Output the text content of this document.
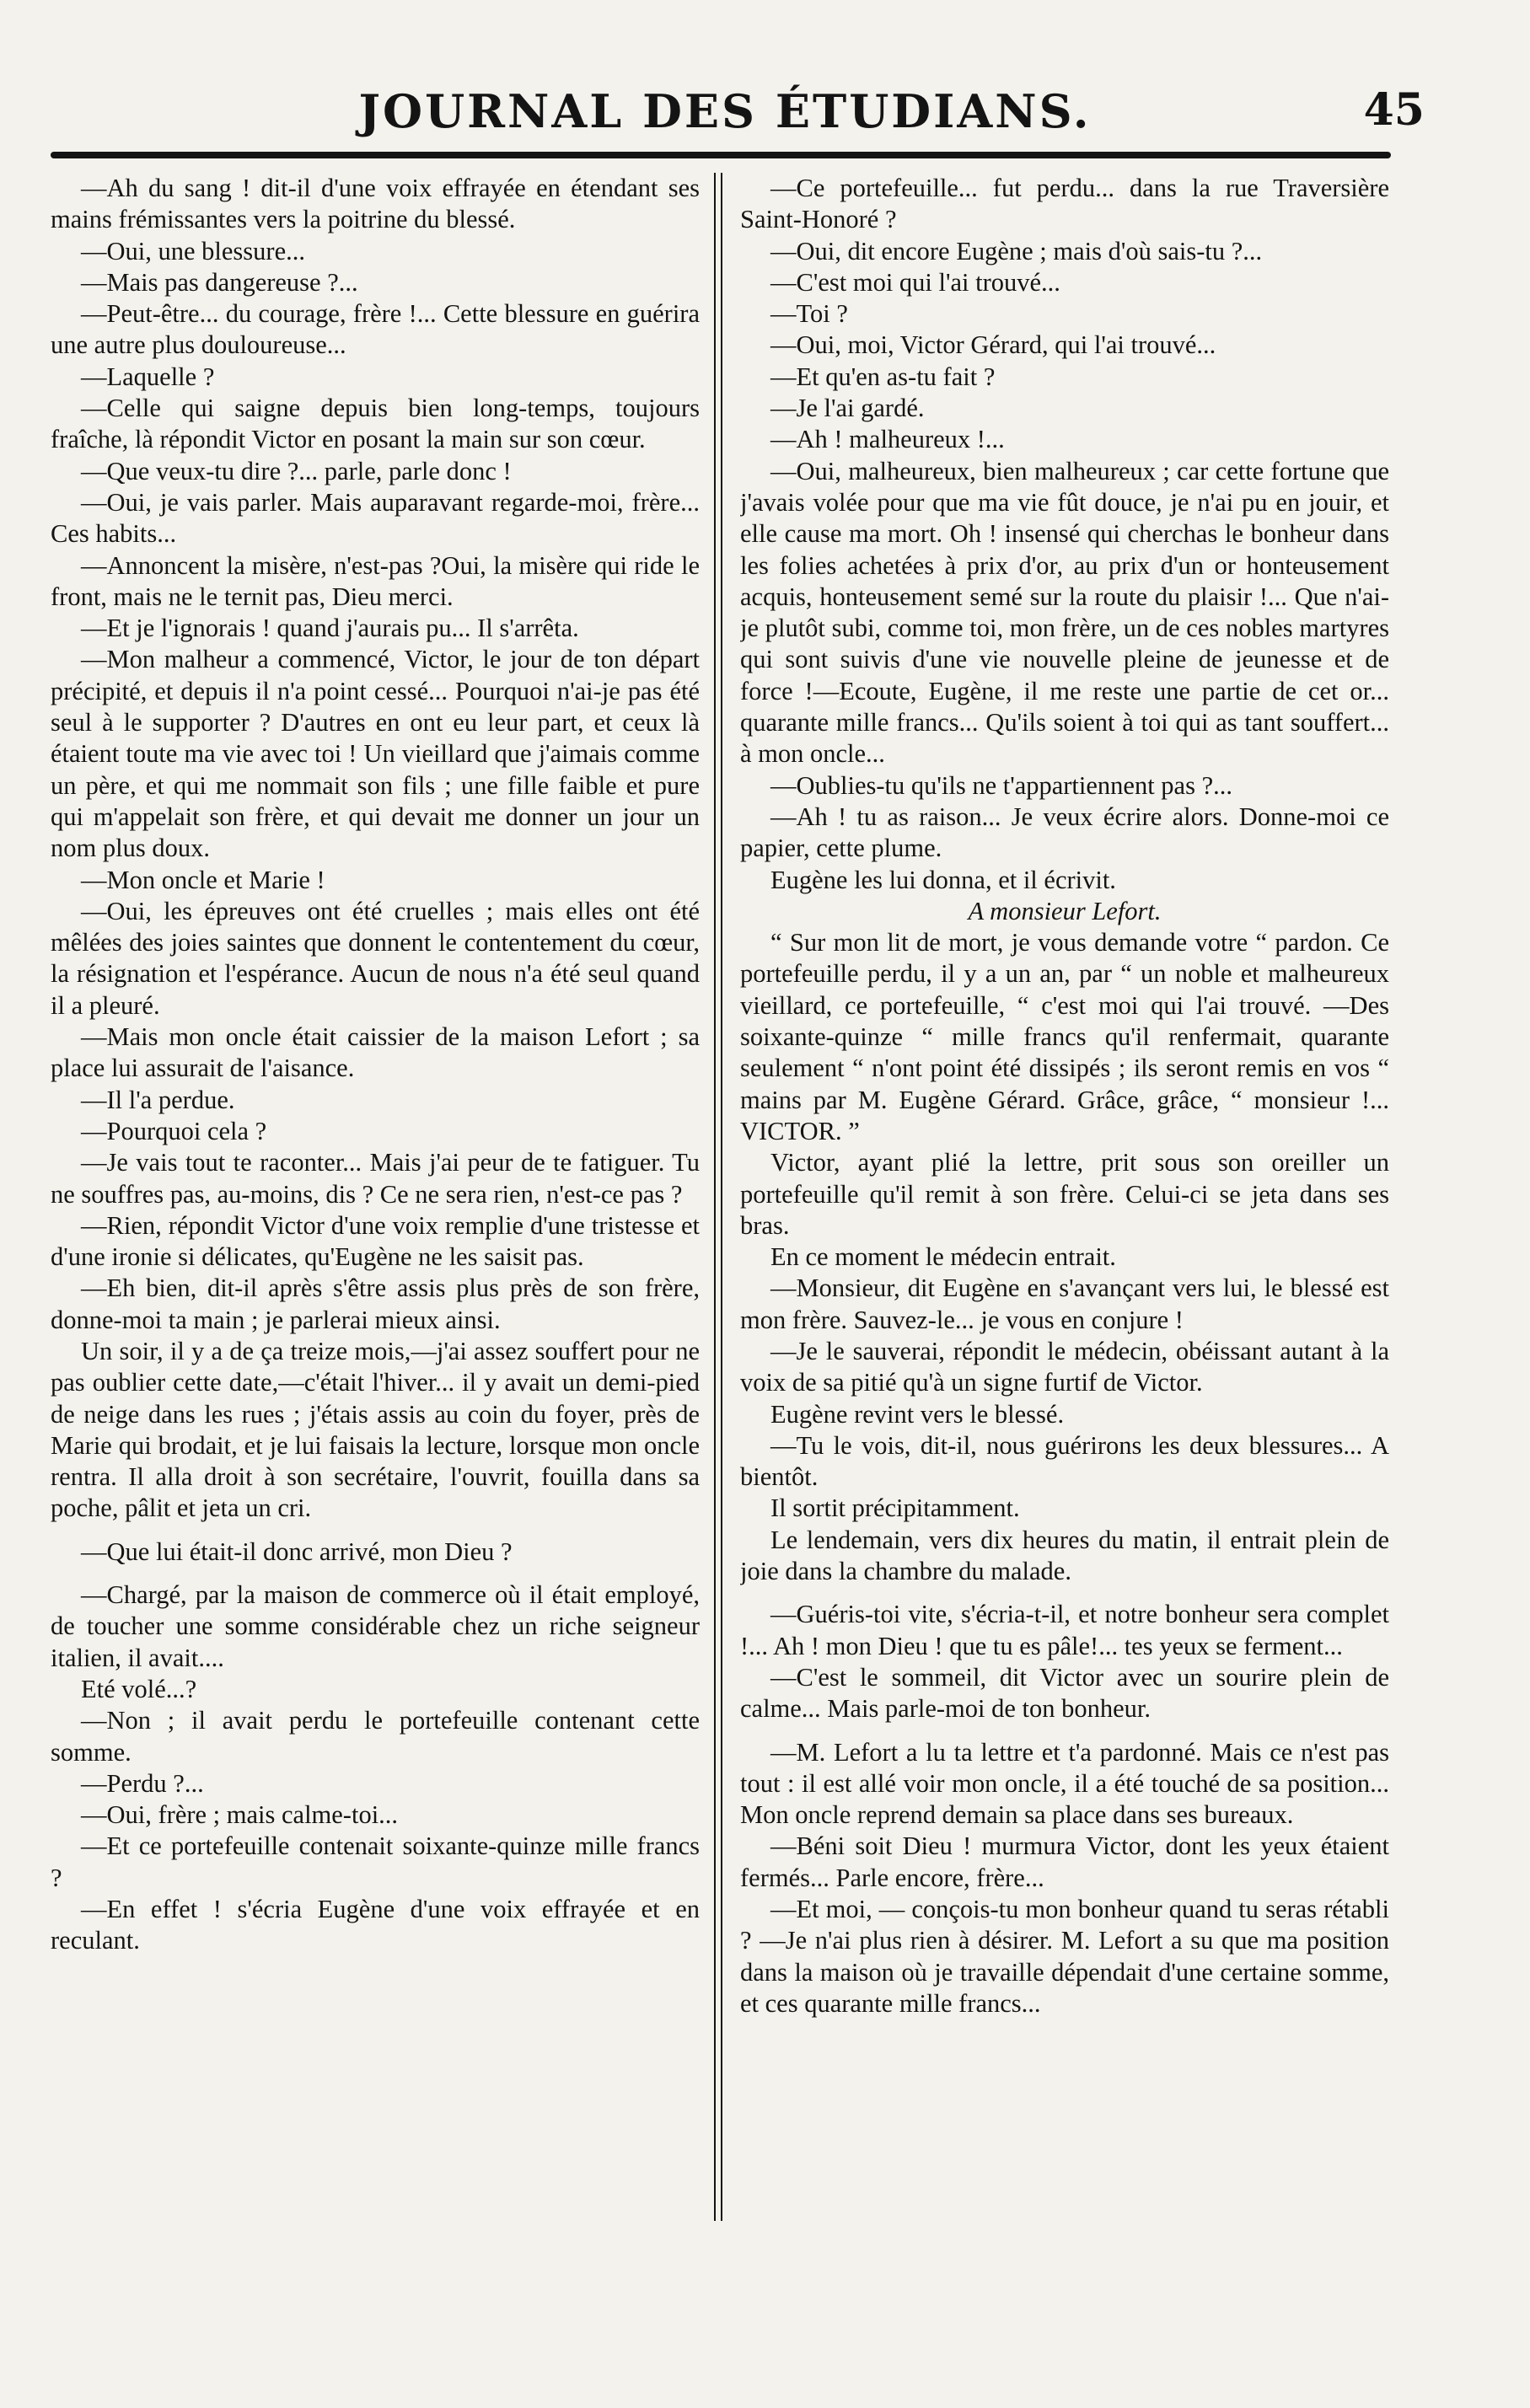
JOURNAL DES ÉTUDIANS.	45

—Ah du sang ! dit-il d'une voix effrayée en étendant ses mains frémissantes vers la poitrine du blessé.

—Oui, une blessure...

—Mais pas dangereuse ?...

—Peut-être... du courage, frère !... Cette blessure en guérira une autre plus douloureuse...

—Laquelle ?

—Celle qui saigne depuis bien long-temps, toujours fraîche, là répondit Victor en posant la main sur son cœur.

—Que veux-tu dire ?... parle, parle donc !

—Oui, je vais parler. Mais auparavant regarde-moi, frère... Ces habits...

—Annoncent la misère, n'est-pas ?Oui, la misère qui ride le front, mais ne le ternit pas, Dieu merci.

—Et je l'ignorais ! quand j'aurais pu... Il s'arrêta.

—Mon malheur a commencé, Victor, le jour de ton départ précipité, et depuis il n'a point cessé... Pourquoi n'ai-je pas été seul à le supporter ? D'autres en ont eu leur part, et ceux là étaient toute ma vie avec toi ! Un vieillard que j'aimais comme un père, et qui me nommait son fils ; une fille faible et pure qui m'appelait son frère, et qui devait me donner un jour un nom plus doux.

—Mon oncle et Marie !

—Oui, les épreuves ont été cruelles ; mais elles ont été mêlées des joies saintes que donnent le contentement du cœur, la résignation et l'espérance. Aucun de nous n'a été seul quand il a pleuré.

—Mais mon oncle était caissier de la maison Lefort ; sa place lui assurait de l'aisance.

—Il l'a perdue.

—Pourquoi cela ?

—Je vais tout te raconter... Mais j'ai peur de te fatiguer. Tu ne souffres pas, au-moins, dis ? Ce ne sera rien, n'est-ce pas ?

—Rien, répondit Victor d'une voix remplie d'une tristesse et d'une ironie si délicates, qu'Eugène ne les saisit pas.

—Eh bien, dit-il après s'être assis plus près de son frère, donne-moi ta main ; je parlerai mieux ainsi.

Un soir, il y a de ça treize mois,—j'ai assez souffert pour ne pas oublier cette date,—c'était l'hiver... il y avait un demi-pied de neige dans les rues ; j'étais assis au coin du foyer, près de Marie qui brodait, et je lui faisais la lecture, lorsque mon oncle rentra. Il alla droit à son secrétaire, l'ouvrit, fouilla dans sa poche, pâlit et jeta un cri.

—Que lui était-il donc arrivé, mon Dieu ?

—Chargé, par la maison de commerce où il était employé, de toucher une somme considérable chez un riche seigneur italien, il avait....

Eté volé...?

—Non ; il avait perdu le portefeuille contenant cette somme.

—Perdu ?...

—Oui, frère ; mais calme-toi...

—Et ce portefeuille contenait soixante-quinze mille francs ?

—En effet ! s'écria Eugène d'une voix effrayée et en reculant.

—Ce portefeuille... fut perdu... dans la rue Traversière Saint-Honoré ?

—Oui, dit encore Eugène ; mais d'où sais-tu ?...

—C'est moi qui l'ai trouvé...

—Toi ?

—Oui, moi, Victor Gérard, qui l'ai trouvé...

—Et qu'en as-tu fait ?

—Je l'ai gardé.

—Ah ! malheureux !...

—Oui, malheureux, bien malheureux ; car cette fortune que j'avais volée pour que ma vie fût douce, je n'ai pu en jouir, et elle cause ma mort. Oh ! insensé qui cherchas le bonheur dans les folies achetées à prix d'or, au prix d'un or honteusement acquis, honteusement semé sur la route du plaisir !... Que n'ai-je plutôt subi, comme toi, mon frère, un de ces nobles martyres qui sont suivis d'une vie nouvelle pleine de jeunesse et de force !—Ecoute, Eugène, il me reste une partie de cet or... quarante mille francs... Qu'ils soient à toi qui as tant souffert... à mon oncle...

—Oublies-tu qu'ils ne t'appartiennent pas ?...

—Ah ! tu as raison... Je veux écrire alors. Donne-moi ce papier, cette plume.

Eugène les lui donna, et il écrivit.

A monsieur Lefort.

“ Sur mon lit de mort, je vous demande votre “ pardon. Ce portefeuille perdu, il y a un an, par “ un noble et malheureux vieillard, ce portefeuille, “ c'est moi qui l'ai trouvé. —Des soixante-quinze “ mille francs qu'il renfermait, quarante seulement “ n'ont point été dissipés ; ils seront remis en vos “ mains par M. Eugène Gérard. Grâce, grâce, “ monsieur !... VICTOR. ”

Victor, ayant plié la lettre, prit sous son oreiller un portefeuille qu'il remit à son frère. Celui-ci se jeta dans ses bras.

En ce moment le médecin entrait.

—Monsieur, dit Eugène en s'avançant vers lui, le blessé est mon frère. Sauvez-le... je vous en conjure !

—Je le sauverai, répondit le médecin, obéissant autant à la voix de sa pitié qu'à un signe furtif de Victor.

Eugène revint vers le blessé.

—Tu le vois, dit-il, nous guérirons les deux blessures... A bientôt.

Il sortit précipitamment.

Le lendemain, vers dix heures du matin, il entrait plein de joie dans la chambre du malade.

—Guéris-toi vite, s'écria-t-il, et notre bonheur sera complet !... Ah ! mon Dieu ! que tu es pâle!... tes yeux se ferment...

—C'est le sommeil, dit Victor avec un sourire plein de calme... Mais parle-moi de ton bonheur.

—M. Lefort a lu ta lettre et t'a pardonné. Mais ce n'est pas tout : il est allé voir mon oncle, il a été touché de sa position... Mon oncle reprend demain sa place dans ses bureaux.

—Béni soit Dieu ! murmura Victor, dont les yeux étaient fermés... Parle encore, frère...

—Et moi, — conçois-tu mon bonheur quand tu seras rétabli ? —Je n'ai plus rien à désirer. M. Lefort a su que ma position dans la maison où je travaille dépendait d'une certaine somme, et ces quarante mille francs...
